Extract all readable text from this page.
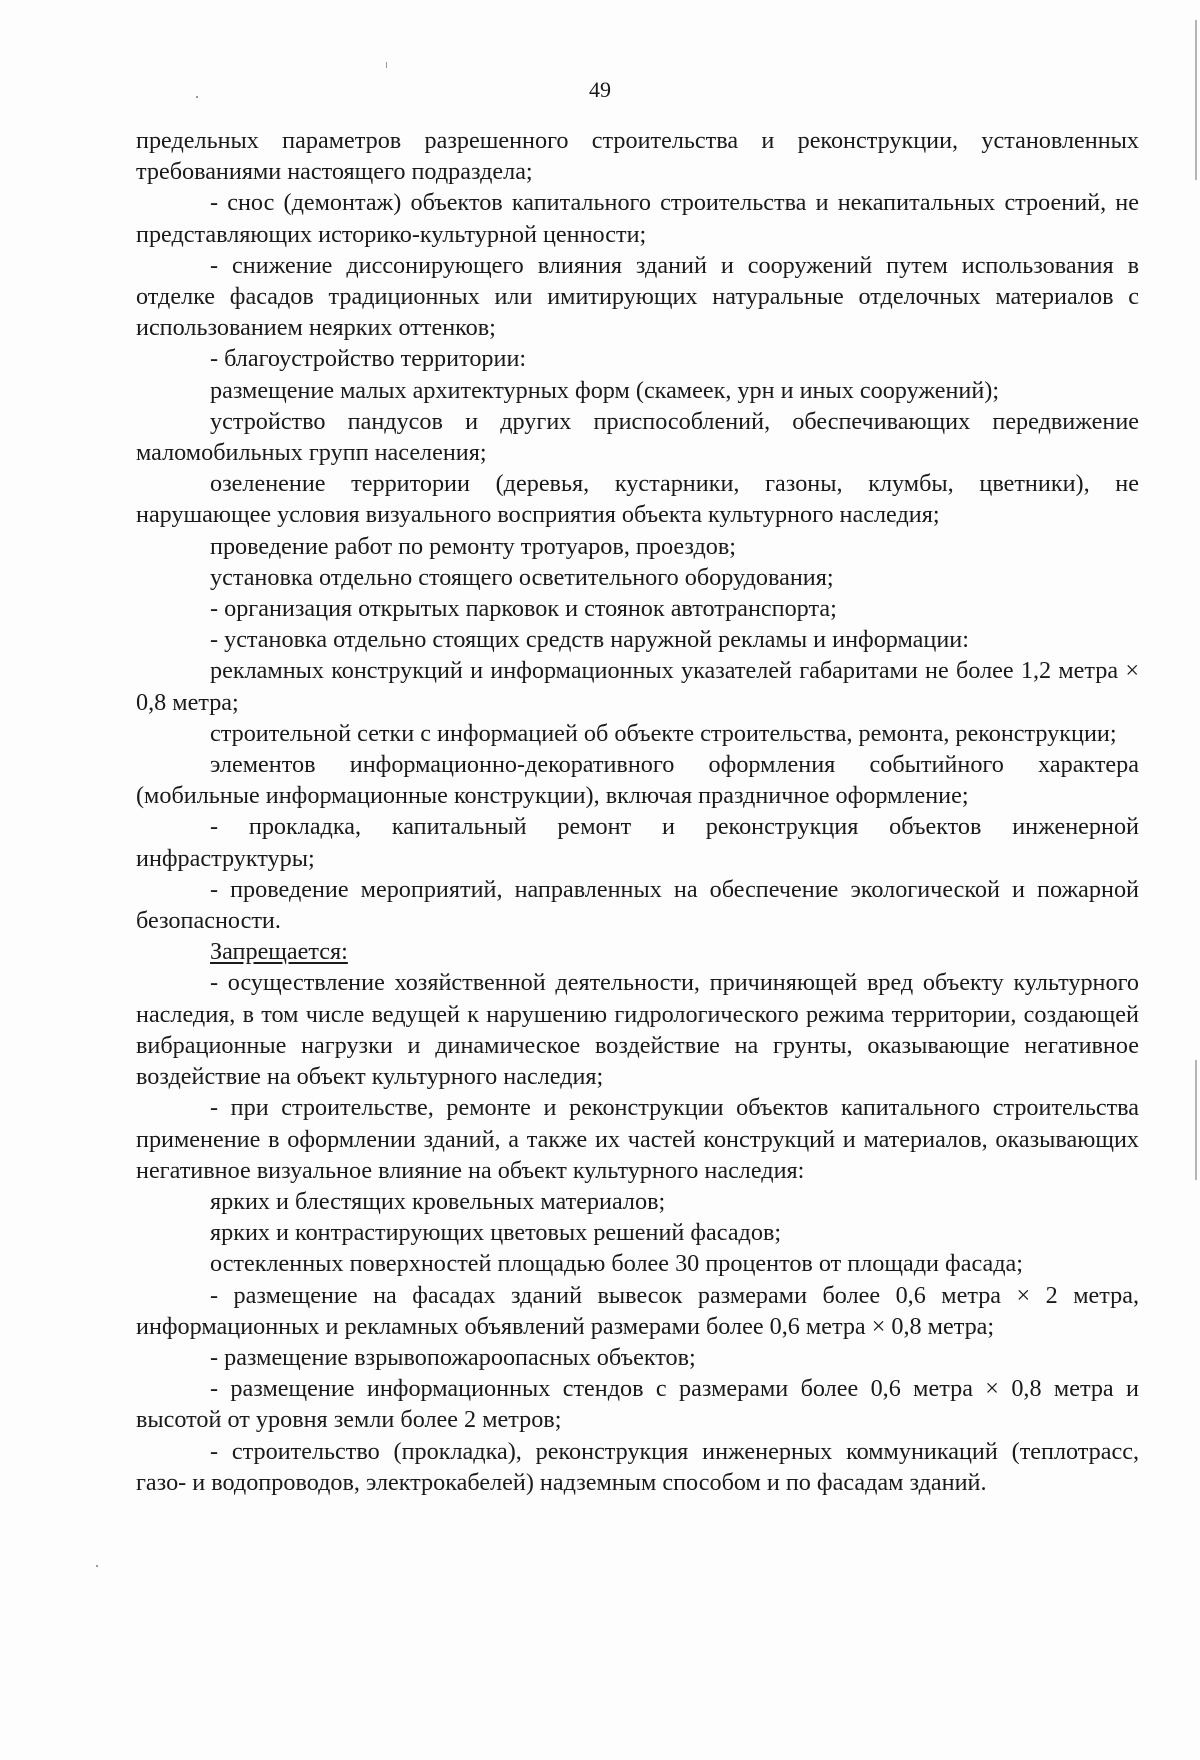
49

предельных параметров разрешенного строительства и реконструкции, установленных требованиями настоящего подраздела;

- снос (демонтаж) объектов капитального строительства и некапитальных строений, не представляющих историко-культурной ценности;

- снижение диссонирующего влияния зданий и сооружений путем использования в отделке фасадов традиционных или имитирующих натуральные отделочных материалов с использованием неярких оттенков;

- благоустройство территории:

размещение малых архитектурных форм (скамеек, урн и иных сооружений);

устройство пандусов и других приспособлений, обеспечивающих передвижение маломобильных групп населения;

озеленение территории (деревья, кустарники, газоны, клумбы, цветники), не нарушающее условия визуального восприятия объекта культурного наследия;

проведение работ по ремонту тротуаров, проездов;

установка отдельно стоящего осветительного оборудования;

- организация открытых парковок и стоянок автотранспорта;

- установка отдельно стоящих средств наружной рекламы и информации:

рекламных конструкций и информационных указателей габаритами не более 1,2 метра × 0,8 метра;

строительной сетки с информацией об объекте строительства, ремонта, реконструкции;

элементов информационно-декоративного оформления событийного характера (мобильные информационные конструкции), включая праздничное оформление;

- прокладка, капитальный ремонт и реконструкция объектов инженерной инфраструктуры;

- проведение мероприятий, направленных на обеспечение экологической и пожарной безопасности.

Запрещается:

- осуществление хозяйственной деятельности, причиняющей вред объекту культурного наследия, в том числе ведущей к нарушению гидрологического режима территории, создающей вибрационные нагрузки и динамическое воздействие на грунты, оказывающие негативное воздействие на объект культурного наследия;

- при строительстве, ремонте и реконструкции объектов капитального строительства применение в оформлении зданий, а также их частей конструкций и материалов, оказывающих негативное визуальное влияние на объект культурного наследия:

ярких и блестящих кровельных материалов;

ярких и контрастирующих цветовых решений фасадов;

остекленных поверхностей площадью более 30 процентов от площади фасада;

- размещение на фасадах зданий вывесок размерами более 0,6 метра × 2 метра, информационных и рекламных объявлений размерами более 0,6 метра × 0,8 метра;

- размещение взрывопожароопасных объектов;

- размещение информационных стендов с размерами более 0,6 метра × 0,8 метра и высотой от уровня земли более 2 метров;

- строительство (прокладка), реконструкция инженерных коммуникаций (теплотрасс, газо- и водопроводов, электрокабелей) надземным способом и по фасадам зданий.
